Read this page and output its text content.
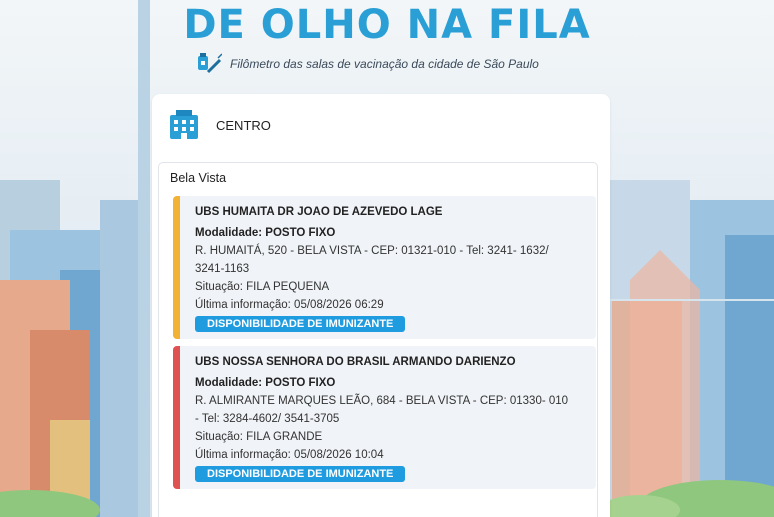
DE OLHO NA FILA
Filômetro das salas de vacinação da cidade de São Paulo
CENTRO
Bela Vista
UBS HUMAITA DR JOAO DE AZEVEDO LAGE
Modalidade: POSTO FIXO
R. HUMAITÁ, 520 - BELA VISTA - CEP: 01321-010 - Tel: 3241- 1632/
3241-1163
Situação: FILA PEQUENA
Última informação: 05/08/2026 06:29
DISPONIBILIDADE DE IMUNIZANTE
UBS NOSSA SENHORA DO BRASIL ARMANDO DARIENZO
Modalidade: POSTO FIXO
R. ALMIRANTE MARQUES LEÃO, 684 - BELA VISTA - CEP: 01330- 010
- Tel: 3284-4602/ 3541-3705
Situação: FILA GRANDE
Última informação: 05/08/2026 10:04
DISPONIBILIDADE DE IMUNIZANTE
